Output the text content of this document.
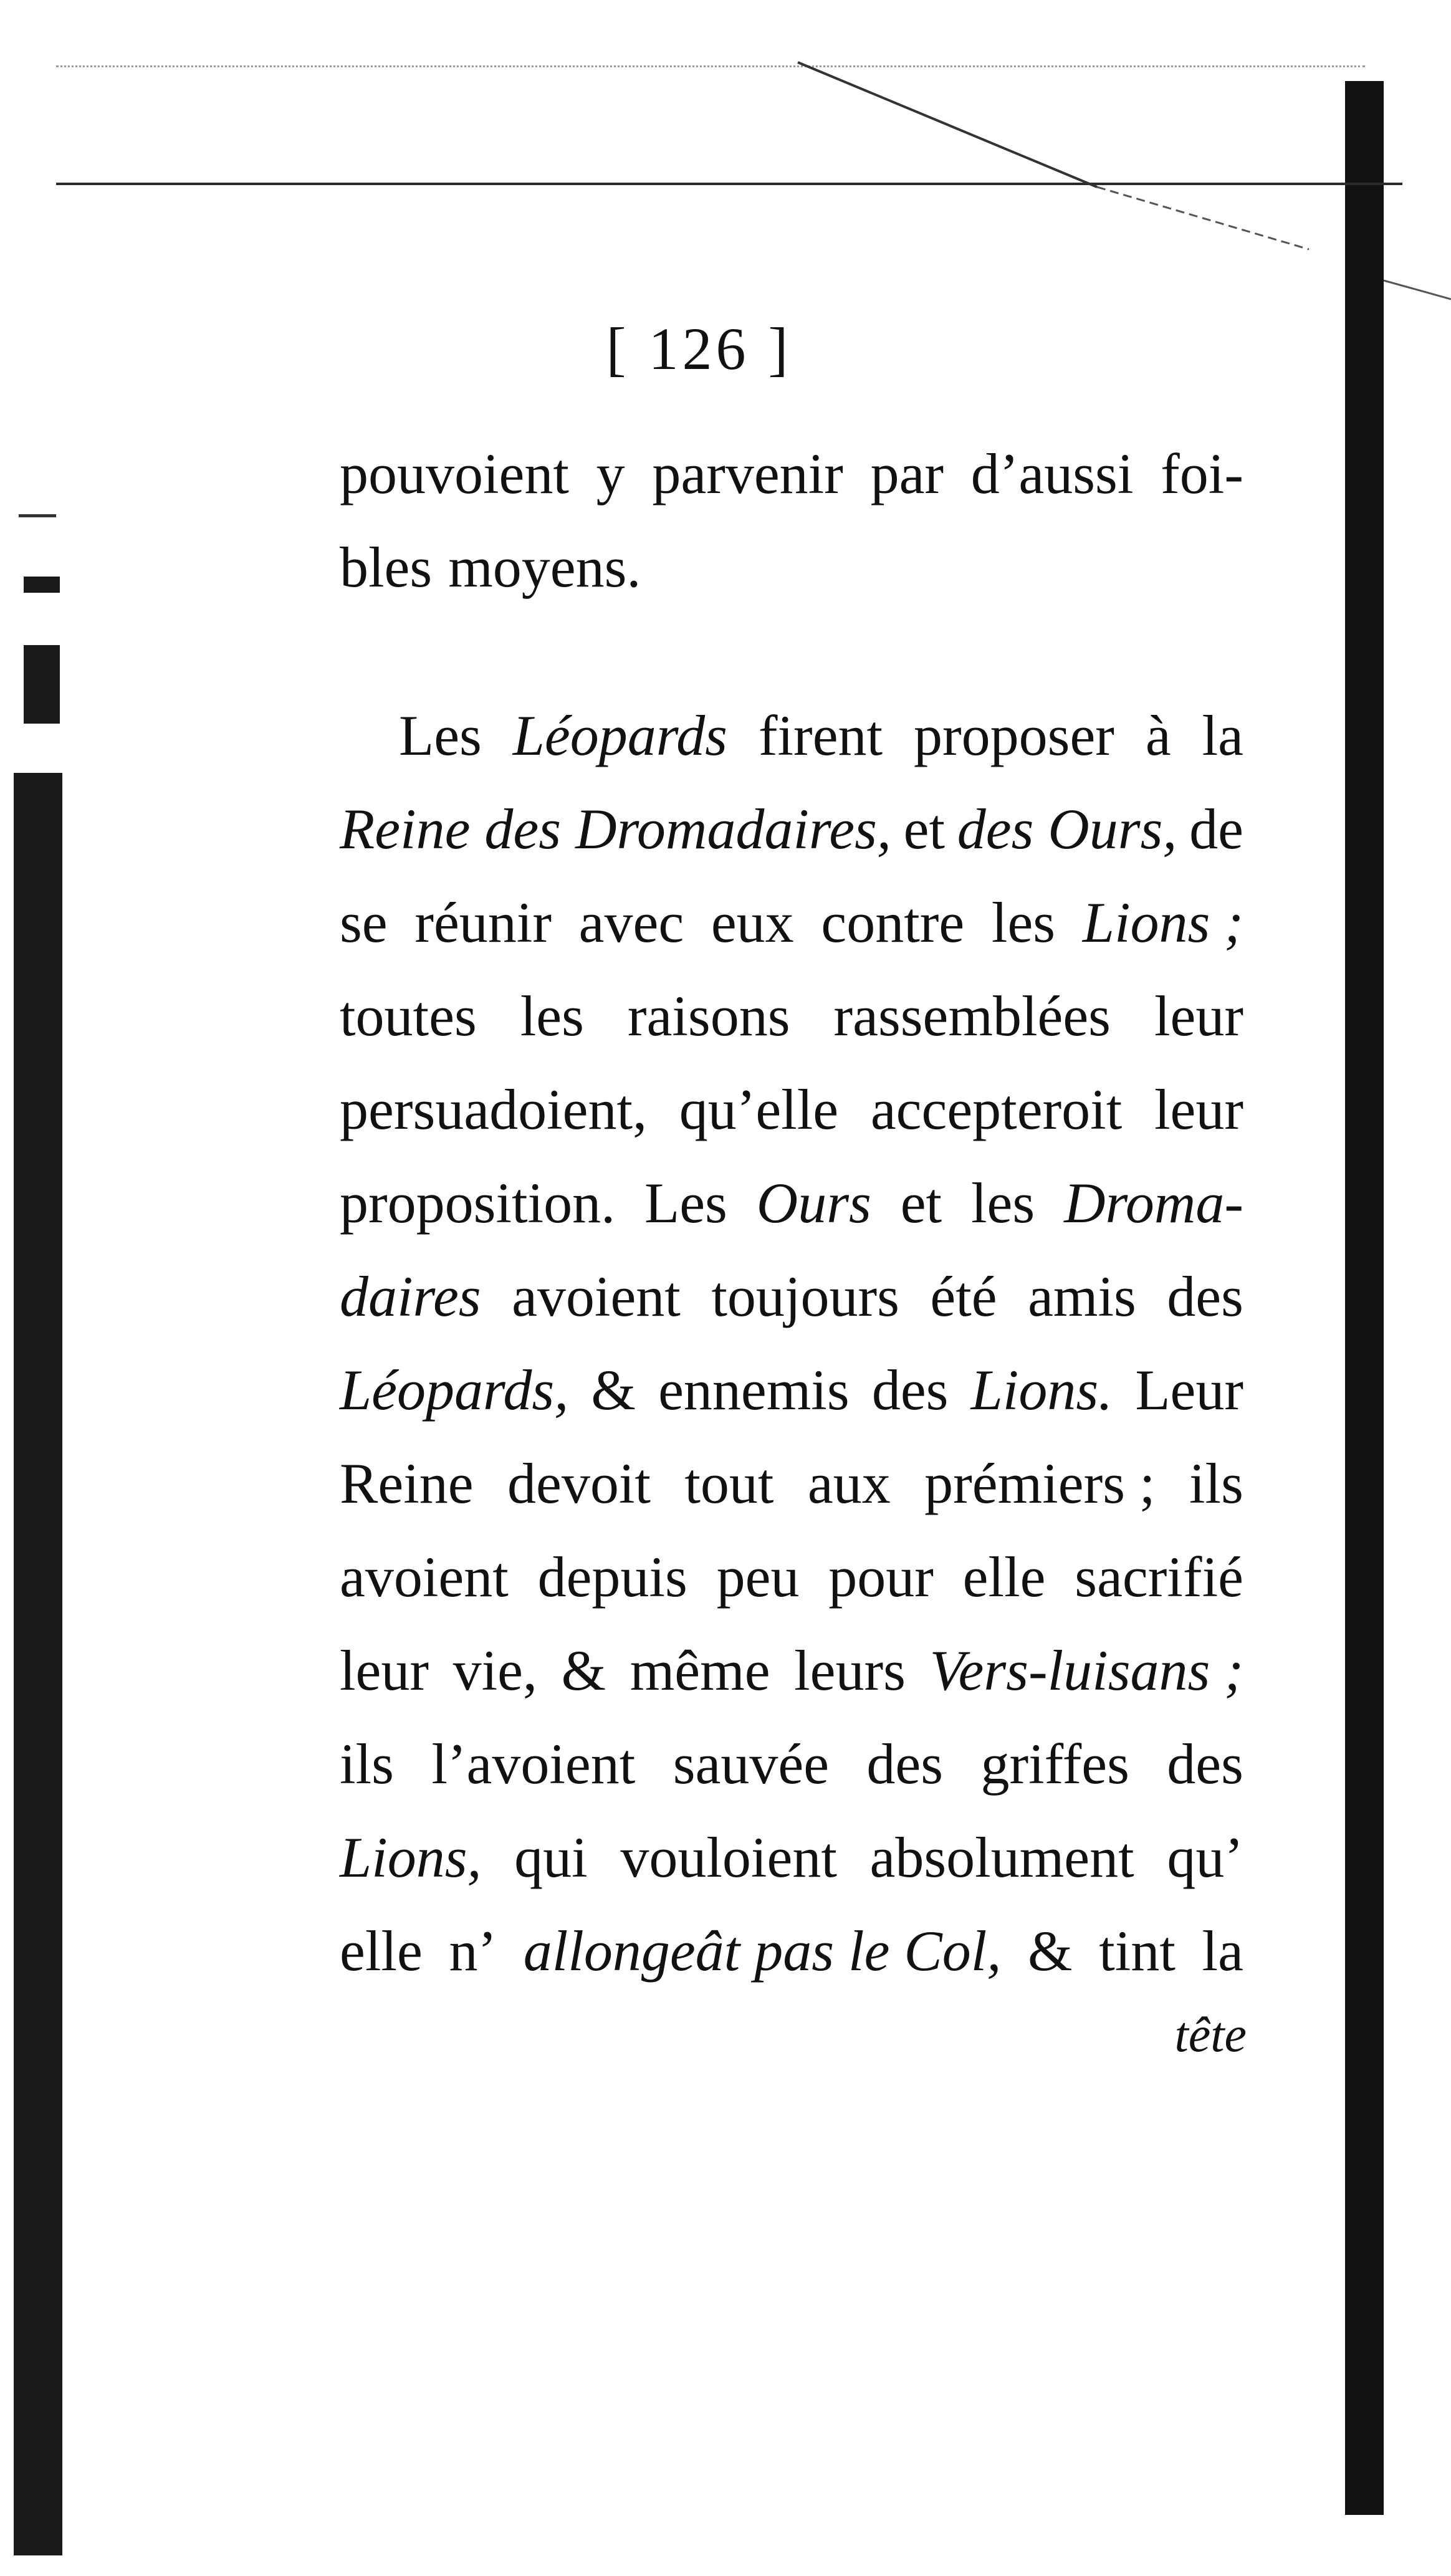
[ 126 ]
pouvoient y parvenir par d’aussi foi-
bles moyens.
Les Léopards firent proposer à la
Reine des Dromadaires, et des Ours, de
se réunir avec eux contre les Lions ;
toutes les raisons rassemblées leur
persuadoient, qu’elle accepteroit leur
proposition. Les Ours et les Droma-
daires avoient toujours été amis des
Léopards, & ennemis des Lions. Leur
Reine devoit tout aux prémiers ; ils
avoient depuis peu pour elle sacrifié
leur vie, & même leurs Vers-luisans ;
ils l’avoient sauvée des griffes des
Lions, qui vouloient absolument qu’
elle n’ allongeât pas le Col, & tint la
tête
